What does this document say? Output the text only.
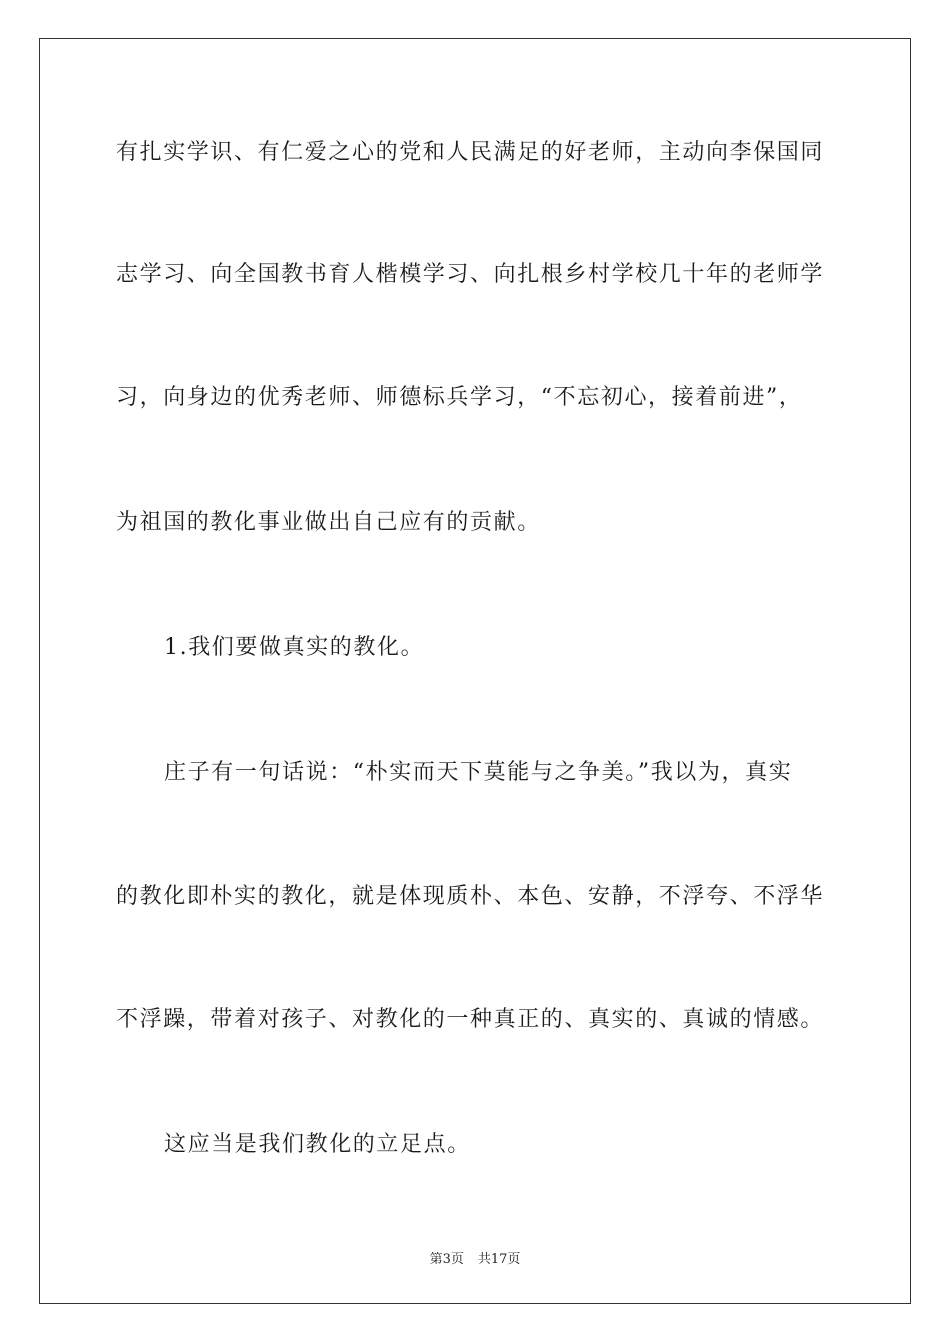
有扎实学识、有仁爱之心的党和人民满足的好老师，主动向李保国同
志学习、向全国教书育人楷模学习、向扎根乡村学校几十年的老师学
习，向身边的优秀老师、师德标兵学习，“不忘初心，接着前进”，
为祖国的教化事业做出自己应有的贡献。
1.我们要做真实的教化。
庄子有一句话说：“朴实而天下莫能与之争美。”我以为，真实
的教化即朴实的教化，就是体现质朴、本色、安静，不浮夸、不浮华
不浮躁，带着对孩子、对教化的一种真正的、真实的、真诚的情感。
这应当是我们教化的立足点。
第3页 共17页
